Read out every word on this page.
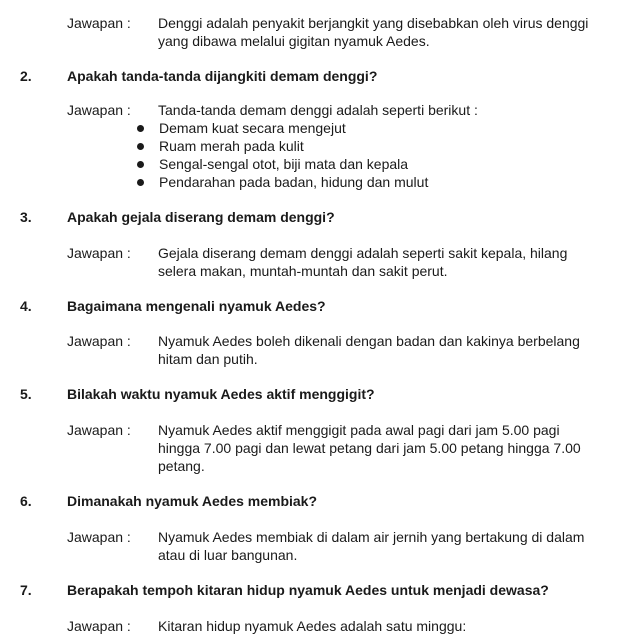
Jawapan : Denggi adalah penyakit berjangkit yang disebabkan oleh virus denggi yang dibawa melalui gigitan nyamuk Aedes.
2.	Apakah tanda-tanda dijangkiti demam denggi?
Jawapan : Tanda-tanda demam denggi adalah seperti berikut :
Demam kuat secara mengejut
Ruam merah pada kulit
Sengal-sengal otot, biji mata dan kepala
Pendarahan pada badan, hidung dan mulut
3.	Apakah gejala diserang demam denggi?
Jawapan : Gejala diserang demam denggi adalah seperti sakit kepala, hilang selera makan, muntah-muntah dan sakit perut.
4.	Bagaimana mengenali nyamuk Aedes?
Jawapan : Nyamuk Aedes boleh dikenali dengan badan dan kakinya berbelang hitam dan putih.
5.	Bilakah waktu nyamuk Aedes aktif menggigit?
Jawapan : Nyamuk Aedes aktif menggigit pada awal pagi dari jam 5.00 pagi hingga 7.00 pagi dan lewat petang dari jam 5.00 petang hingga 7.00 petang.
6.	Dimanakah nyamuk Aedes membiak?
Jawapan : Nyamuk Aedes membiak di dalam air jernih yang bertakung di dalam atau di luar bangunan.
7.	Berapakah tempoh kitaran hidup nyamuk Aedes untuk menjadi dewasa?
Jawapan : Kitaran hidup nyamuk Aedes adalah satu minggu:
